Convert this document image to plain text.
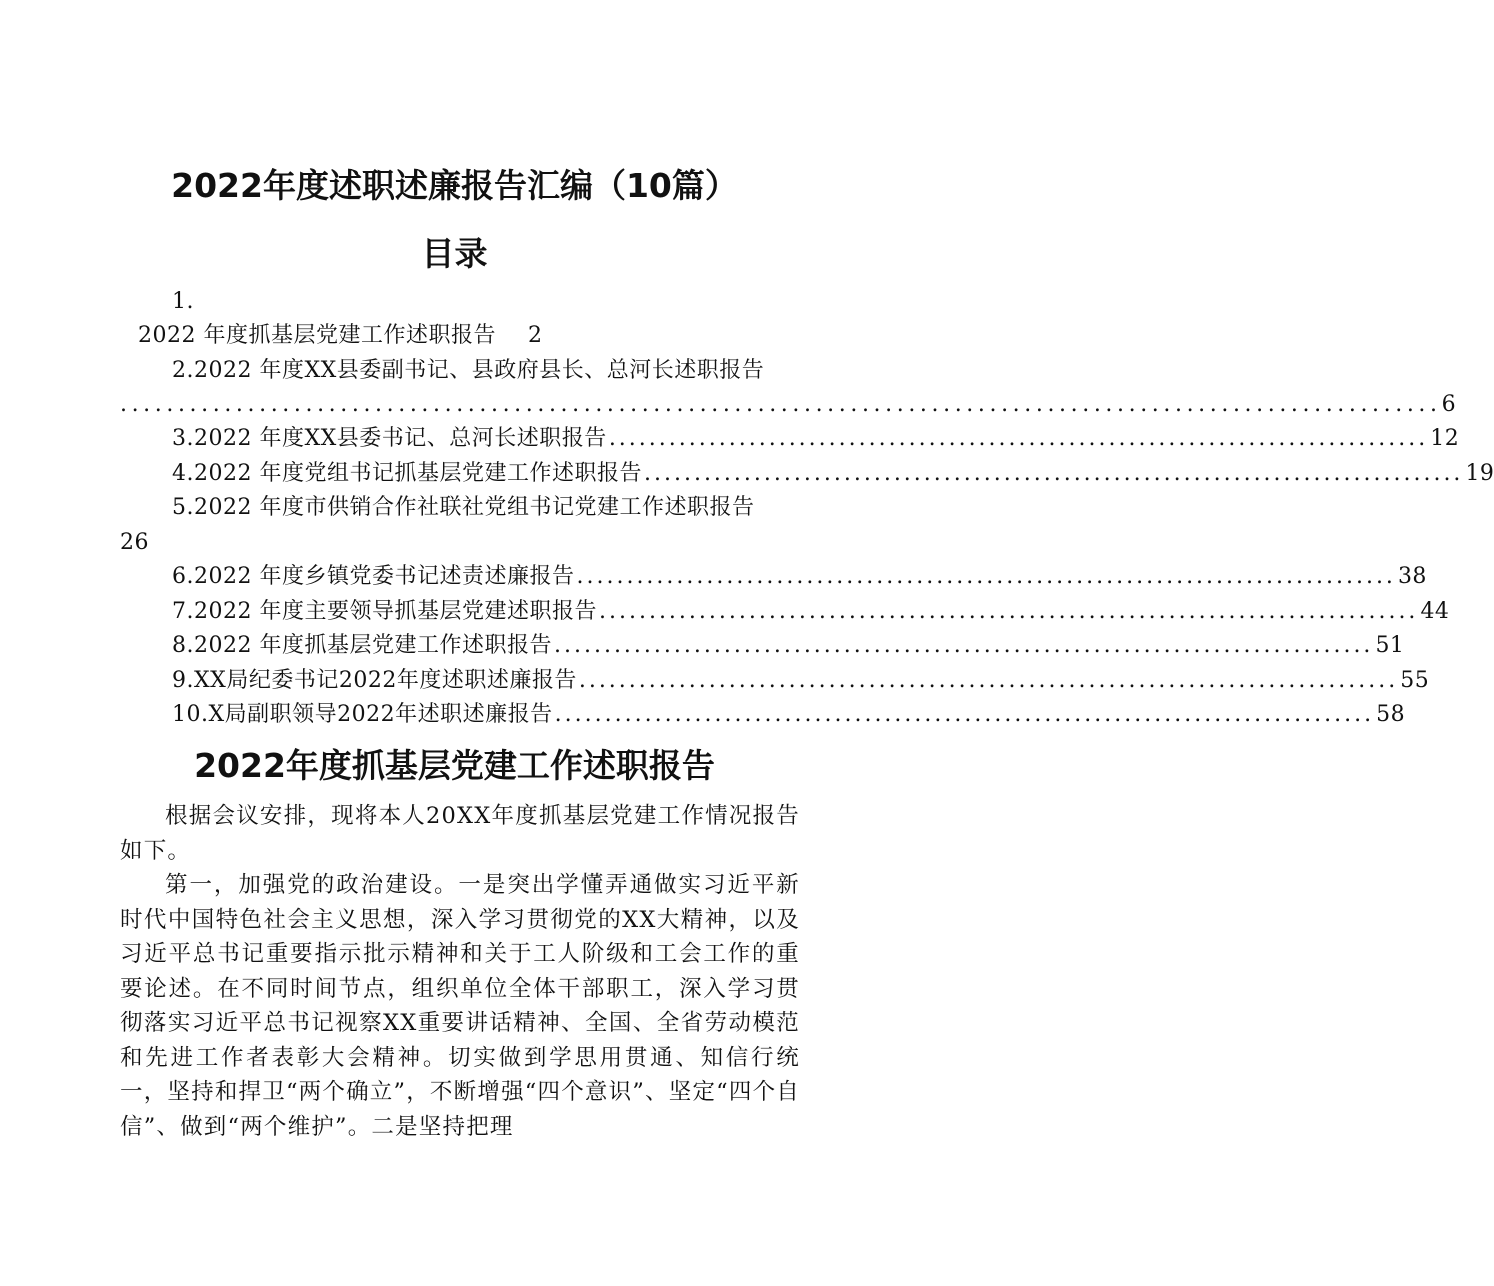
2022年度述职述廉报告汇编（10篇）
目录
1.
2022 年度抓基层党建工作述职报告 2
2.2022 年度XX县委副书记、县政府县长、总河长述职报告
.................................................................................................................. 6
3.2022 年度XX县委书记、总河长述职报告 .................................................................................. 12
4.2022 年度党组书记抓基层党建工作述职报告 .................................................................................. 19
5.2022 年度市供销合作社联社党组书记党建工作述职报告
26
6.2022 年度乡镇党委书记述责述廉报告 .................................................................................. 38
7.2022 年度主要领导抓基层党建述职报告 .................................................................................. 44
8.2022 年度抓基层党建工作述职报告 .................................................................................. 51
9.XX局纪委书记2022年度述职述廉报告 .................................................................................. 55
10.X局副职领导2022年述职述廉报告 .................................................................................. 58
2022年度抓基层党建工作述职报告
根据会议安排，现将本人20XX年度抓基层党建工作情况报告如下。
第一，加强党的政治建设。一是突出学懂弄通做实习近平新时代中国特色社会主义思想，深入学习贯彻党的XX大精神，以及习近平总书记重要指示批示精神和关于工人阶级和工会工作的重要论述。在不同时间节点，组织单位全体干部职工，深入学习贯彻落实习近平总书记视察XX重要讲话精神、全国、全省劳动模范和先进工作者表彰大会精神。切实做到学思用贯通、知信行统一，坚持和捍卫“两个确立”，不断增强“四个意识”、坚定“四个自信”、做到“两个维护”。二是坚持把理
